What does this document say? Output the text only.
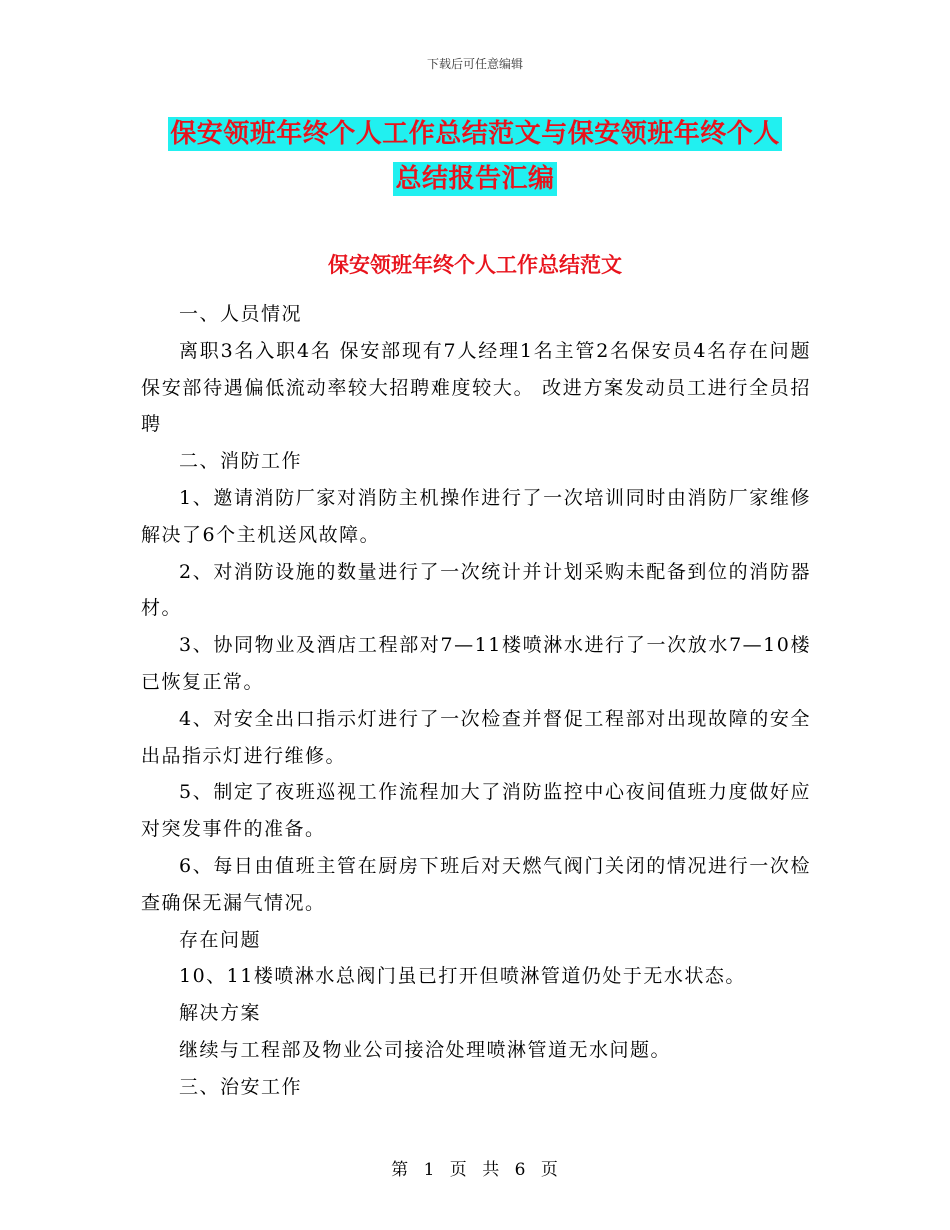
下载后可任意编辑
保安领班年终个人工作总结范文与保安领班年终个人
总结报告汇编
保安领班年终个人工作总结范文

一、人员情况

离职3名入职4名 保安部现有7人经理1名主管2名保安员4名存在问题保安部待遇偏低流动率较大招聘难度较大。 改进方案发动员工进行全员招聘

二、消防工作

1、邀请消防厂家对消防主机操作进行了一次培训同时由消防厂家维修解决了6个主机送风故障。

2、对消防设施的数量进行了一次统计并计划采购未配备到位的消防器材。

3、协同物业及酒店工程部对7—11楼喷淋水进行了一次放水7—10楼已恢复正常。

4、对安全出口指示灯进行了一次检查并督促工程部对出现故障的安全出品指示灯进行维修。

5、制定了夜班巡视工作流程加大了消防监控中心夜间值班力度做好应对突发事件的准备。

6、每日由值班主管在厨房下班后对天燃气阀门关闭的情况进行一次检查确保无漏气情况。

存在问题

10、11楼喷淋水总阀门虽已打开但喷淋管道仍处于无水状态。

解决方案

继续与工程部及物业公司接洽处理喷淋管道无水问题。

三、治安工作

第 1 页 共 6 页
